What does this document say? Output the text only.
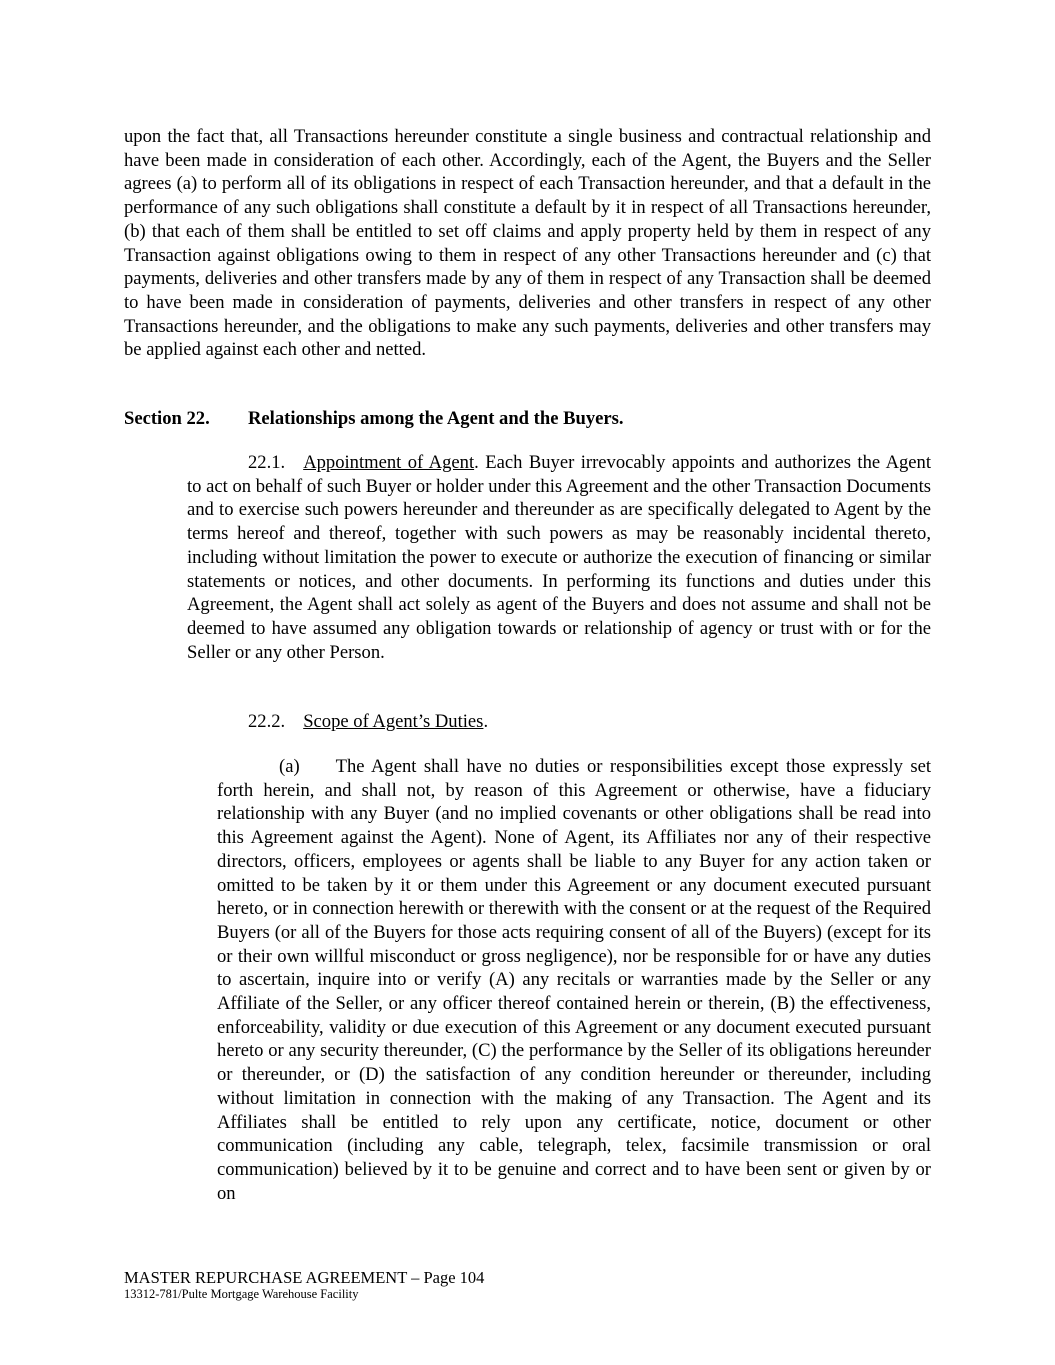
upon the fact that, all Transactions hereunder constitute a single business and contractual relationship and have been made in consideration of each other. Accordingly, each of the Agent, the Buyers and the Seller agrees (a) to perform all of its obligations in respect of each Transaction hereunder, and that a default in the performance of any such obligations shall constitute a default by it in respect of all Transactions hereunder, (b) that each of them shall be entitled to set off claims and apply property held by them in respect of any Transaction against obligations owing to them in respect of any other Transactions hereunder and (c) that payments, deliveries and other transfers made by any of them in respect of any Transaction shall be deemed to have been made in consideration of payments, deliveries and other transfers in respect of any other Transactions hereunder, and the obligations to make any such payments, deliveries and other transfers may be applied against each other and netted.

Section 22. Relationships among the Agent and the Buyers.

22.1. Appointment of Agent. Each Buyer irrevocably appoints and authorizes the Agent to act on behalf of such Buyer or holder under this Agreement and the other Transaction Documents and to exercise such powers hereunder and thereunder as are specifically delegated to Agent by the terms hereof and thereof, together with such powers as may be reasonably incidental thereto, including without limitation the power to execute or authorize the execution of financing or similar statements or notices, and other documents. In performing its functions and duties under this Agreement, the Agent shall act solely as agent of the Buyers and does not assume and shall not be deemed to have assumed any obligation towards or relationship of agency or trust with or for the Seller or any other Person.

22.2. Scope of Agent’s Duties.

(a) The Agent shall have no duties or responsibilities except those expressly set forth herein, and shall not, by reason of this Agreement or otherwise, have a fiduciary relationship with any Buyer (and no implied covenants or other obligations shall be read into this Agreement against the Agent). None of Agent, its Affiliates nor any of their respective directors, officers, employees or agents shall be liable to any Buyer for any action taken or omitted to be taken by it or them under this Agreement or any document executed pursuant hereto, or in connection herewith or therewith with the consent or at the request of the Required Buyers (or all of the Buyers for those acts requiring consent of all of the Buyers) (except for its or their own willful misconduct or gross negligence), nor be responsible for or have any duties to ascertain, inquire into or verify (A) any recitals or warranties made by the Seller or any Affiliate of the Seller, or any officer thereof contained herein or therein, (B) the effectiveness, enforceability, validity or due execution of this Agreement or any document executed pursuant hereto or any security thereunder, (C) the performance by the Seller of its obligations hereunder or thereunder, or (D) the satisfaction of any condition hereunder or thereunder, including without limitation in connection with the making of any Transaction. The Agent and its Affiliates shall be entitled to rely upon any certificate, notice, document or other communication (including any cable, telegraph, telex, facsimile transmission or oral communication) believed by it to be genuine and correct and to have been sent or given by or on

MASTER REPURCHASE AGREEMENT – Page 104
13312-781/Pulte Mortgage Warehouse Facility
